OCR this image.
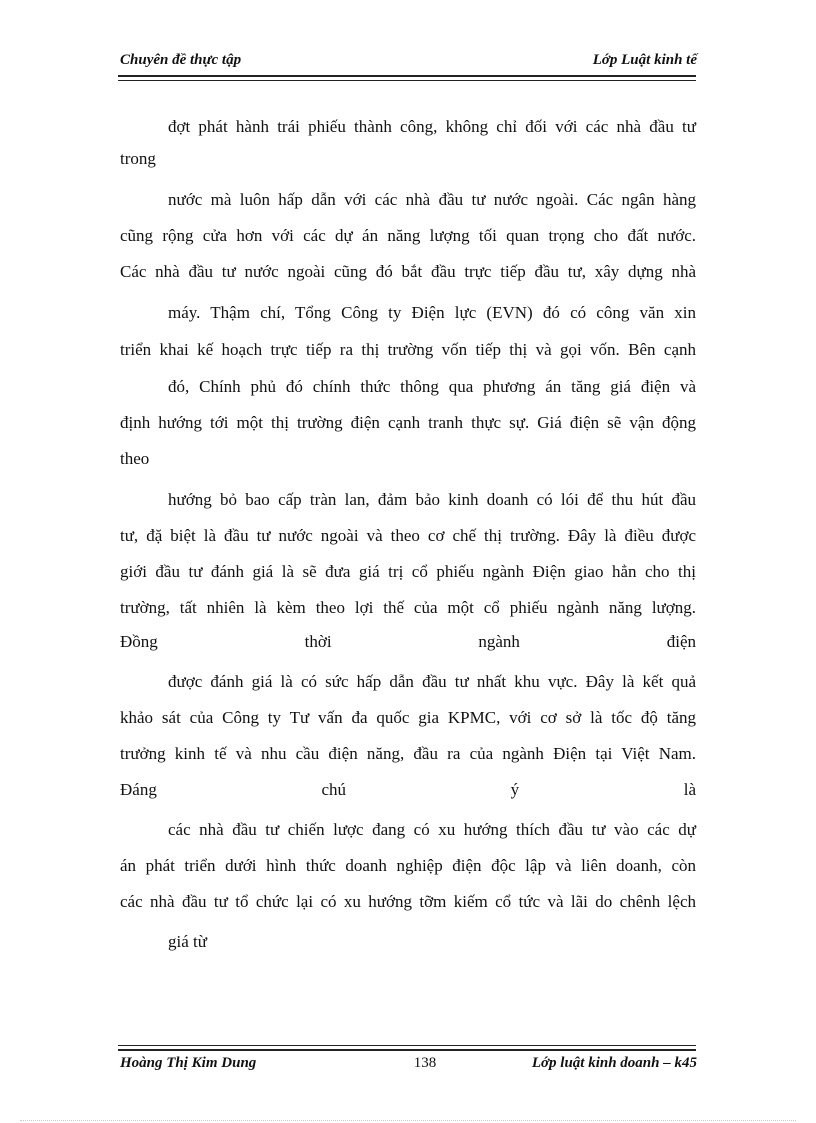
Chuyên đề thực tập	Lớp Luật kinh tế
đợt phát hành trái phiếu thành công, không chỉ đối với các nhà đầu tư
trong
nước mà luôn hấp dẫn với các nhà đầu tư nước ngoài. Các ngân hàng
cũng rộng cửa hơn với các dự án năng lượng tối quan trọng cho đất nước.
Các nhà đầu tư nước ngoài cũng đó bắt đầu trực tiếp đầu tư, xây dựng nhà
máy. Thậm chí, Tổng Công ty Điện lực (EVN) đó có công văn xin
triển khai kế hoạch trực tiếp ra thị trường vốn tiếp thị và gọi vốn. Bên cạnh
đó, Chính phủ đó chính thức thông qua phương án tăng giá điện và
định hướng tới một thị trường điện cạnh tranh thực sự. Giá điện sẽ vận động
theo
hướng bỏ bao cấp tràn lan, đảm bảo kinh doanh có lói để thu hút đầu
tư, đặ biệt là đầu tư nước ngoài và theo cơ chế thị trường. Đây là điều được
giới đầu tư đánh giá là sẽ đưa giá trị cổ phiếu ngành Điện giao hẳn cho thị
trường, tất nhiên là kèm theo lợi thế của một cổ phiếu ngành năng lượng.
Đồng thời ngành điện
được đánh giá là có sức hấp dẫn đầu tư nhất khu vực. Đây là kết quả
khảo sát của Công ty Tư vấn đa quốc gia KPMC, với cơ sở là tốc độ tăng
trưởng kinh tế và nhu cầu điện năng, đầu ra của ngành Điện tại Việt Nam.
Đáng chú ý là
các nhà đầu tư chiến lược đang có xu hướng thích đầu tư vào các dự
án phát triển dưới hình thức doanh nghiệp điện độc lập và liên doanh, còn
các nhà đầu tư tổ chức lại có xu hướng tỡm kiếm cổ tức và lãi do chênh lệch
giá từ
Hoàng Thị Kim Dung	138	Lớp luật kinh doanh – k45
